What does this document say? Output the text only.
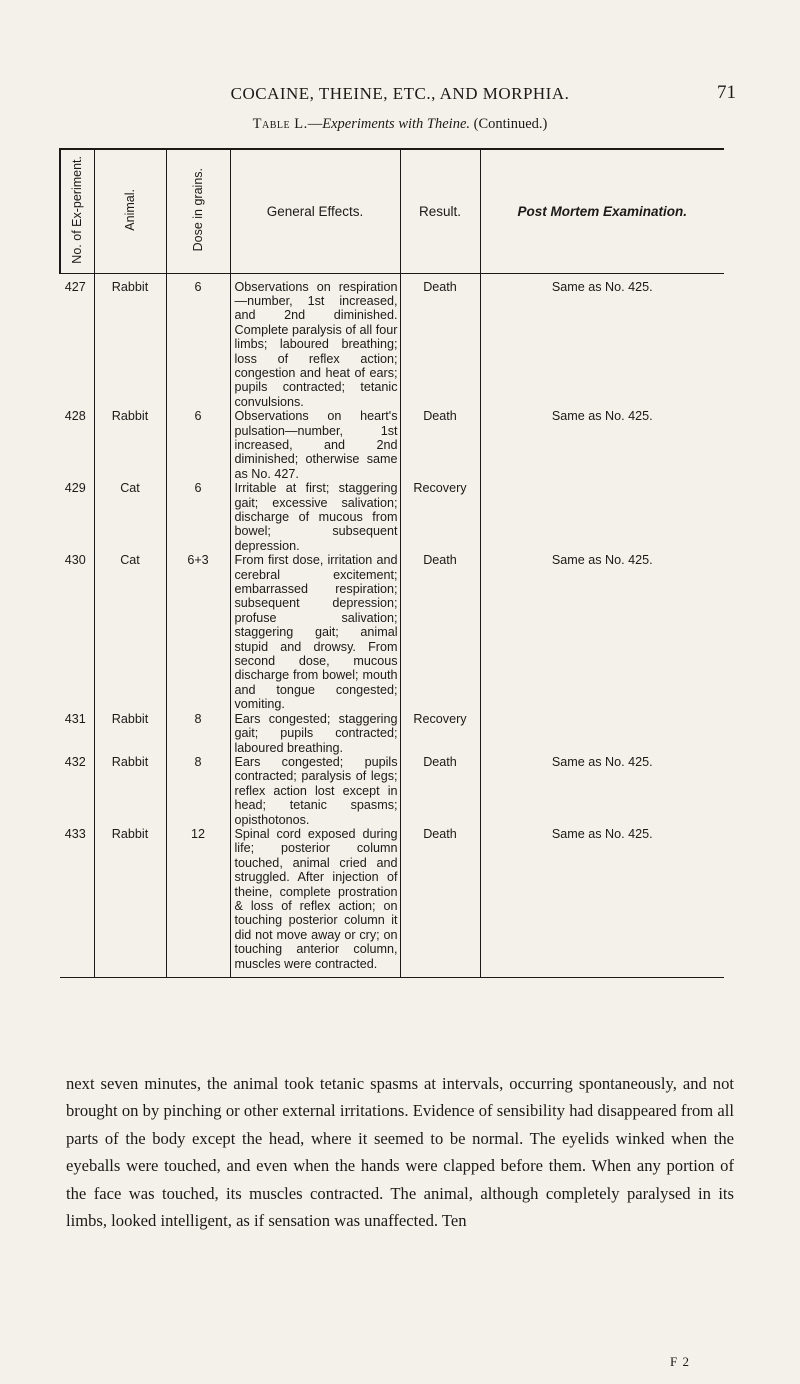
COCAINE, THEINE, ETC., AND MORPHIA.	71
Table L.—Experiments with Theine. (Continued.)
No. of Ex-periment.	Animal.	Dose in grains.	General Effects.	Result.	Post Mortem Examination.

427	Rabbit	6	Observations on respiration —number, 1st increased, and 2nd diminished. Complete paralysis of all four limbs; laboured breathing; loss of reflex action; congestion and heat of ears; pupils contracted; tetanic convulsions.	Death	Same as No. 425.
428	Rabbit	6	Observations on heart's pulsation—number, 1st increased, and 2nd diminished; otherwise same as No. 427.	Death	Same as No. 425.
429	Cat	6	Irritable at first; staggering gait; excessive salivation; discharge of mucous from bowel; subsequent depression.	Recovery	
430	Cat	6+3	From first dose, irritation and cerebral excitement; embarrassed respiration; subsequent depression; profuse salivation; staggering gait; animal stupid and drowsy. From second dose, mucous discharge from bowel; mouth and tongue congested; vomiting.	Death	Same as No. 425.
431	Rabbit	8	Ears congested; staggering gait; pupils contracted; laboured breathing.	Recovery	
432	Rabbit	8	Ears congested; pupils contracted; paralysis of legs; reflex action lost except in head; tetanic spasms; opisthotonos.	Death	Same as No. 425.
433	Rabbit	12	Spinal cord exposed during life; posterior column touched, animal cried and struggled. After injection of theine, complete prostration & loss of reflex action; on touching posterior column it did not move away or cry; on touching anterior column, muscles were contracted.	Death	Same as No. 425.

next seven minutes, the animal took tetanic spasms at intervals, occurring spontaneously, and not brought on by pinching or other external irritations. Evidence of sensibility had disappeared from all parts of the body except the head, where it seemed to be normal. The eyelids winked when the eyeballs were touched, and even when the hands were clapped before them. When any portion of the face was touched, its muscles contracted. The animal, although completely paralysed in its limbs, looked intelligent, as if sensation was unaffected. Ten

F 2
